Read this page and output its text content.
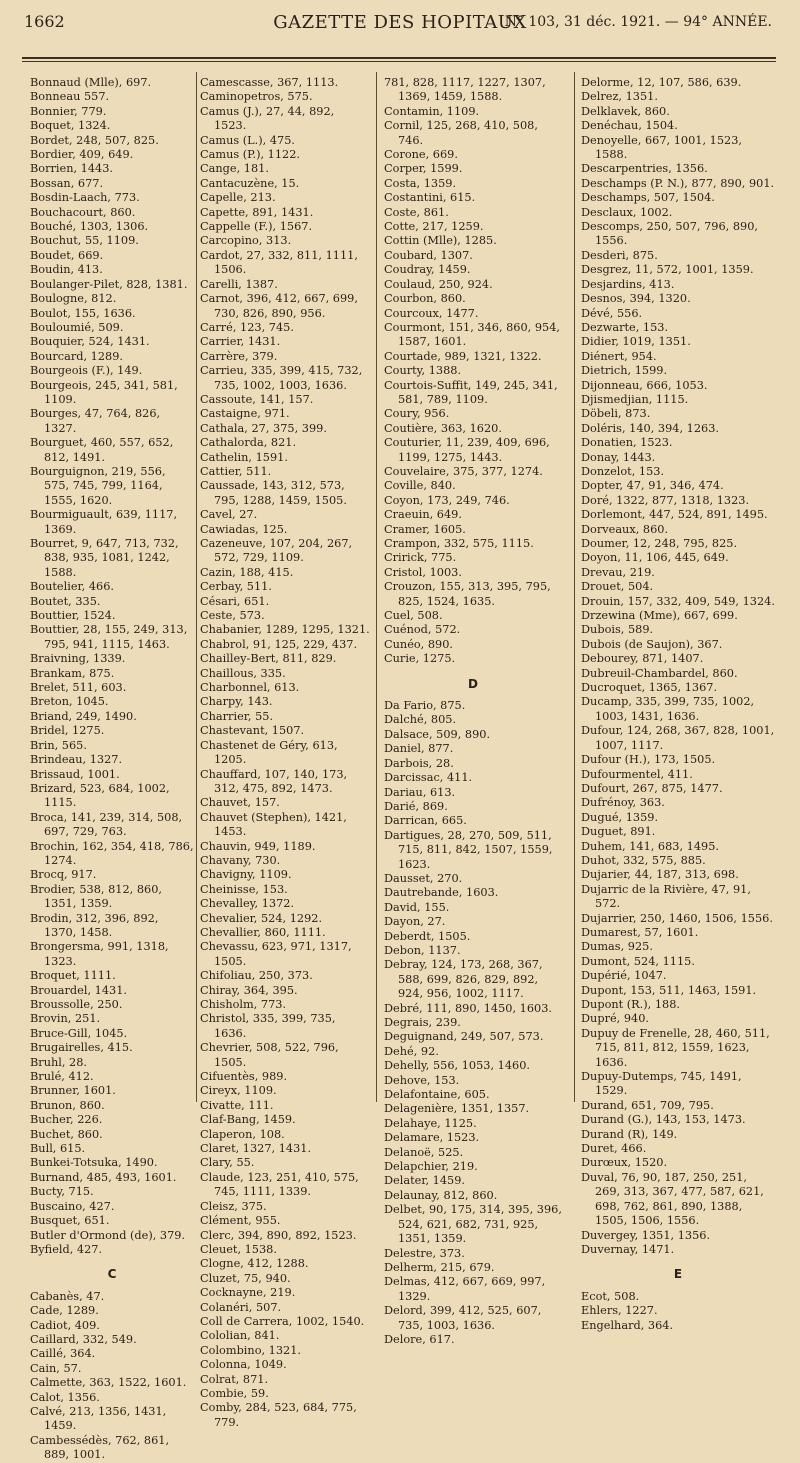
1662	GAZETTE DES HOPITAUX
N° 103, 31 déc. 1921. — 94° ANNÉE.

Bonnaud (Mlle), 697.

Bonneau 557.

Bonnier, 779.

Boquet, 1324.

Bordet, 248, 507, 825.

Bordier, 409, 649.

Borrien, 1443.

Bossan, 677.

Bosdin-Laach, 773.

Bouchacourt, 860.

Bouché, 1303, 1306.

Bouchut, 55, 1109.

Boudet, 669.

Boudin, 413.

Boulanger-Pilet, 828, 1381.

Boulogne, 812.

Boulot, 155, 1636.

Bouloumié, 509.

Bouquier, 524, 1431.

Bourcard, 1289.

Bourgeois (F.), 149.

Bourgeois, 245, 341, 581, 1109.

Bourges, 47, 764, 826, 1327.

Bourguet, 460, 557, 652, 812, 1491.

Bourguignon, 219, 556, 575, 745, 799, 1164, 1555, 1620.

Bourmiguault, 639, 1117, 1369.

Bourret, 9, 647, 713, 732, 838, 935, 1081, 1242, 1588.

Boutelier, 466.

Boutet, 335.

Bouttier, 1524.

Bouttier, 28, 155, 249, 313, 795, 941, 1115, 1463.

Braivning, 1339.

Brankam, 875.

Brelet, 511, 603.

Breton, 1045.

Briand, 249, 1490.

Bridel, 1275.

Brin, 565.

Brindeau, 1327.

Brissaud, 1001.

Brizard, 523, 684, 1002, 1115.

Broca, 141, 239, 314, 508, 697, 729, 763.

Brochin, 162, 354, 418, 786, 1274.

Brocq, 917.

Brodier, 538, 812, 860, 1351, 1359.

Brodin, 312, 396, 892, 1370, 1458.

Brongersma, 991, 1318, 1323.

Broquet, 1111.

Brouardel, 1431.

Broussolle, 250.

Brovin, 251.

Bruce-Gill, 1045.

Brugairelles, 415.

Bruhl, 28.

Brulé, 412.

Brunner, 1601.

Brunon, 860.

Bucher, 226.

Buchet, 860.

Bull, 615.

Bunkei-Totsuka, 1490.

Burnand, 485, 493, 1601.

Bucty, 715.

Buscaino, 427.

Busquet, 651.

Butler d'Ormond (de), 379.

Byfield, 427.

C

Cabanès, 47.

Cade, 1289.

Cadiot, 409.

Caillard, 332, 549.

Caillé, 364.

Cain, 57.

Calmette, 363, 1522, 1601.

Calot, 1356.

Calvé, 213, 1356, 1431, 1459.

Cambessédès, 762, 861, 889, 1001.

Camescasse, 367, 1113.

Caminopetros, 575.

Camus (J.), 27, 44, 892, 1523.

Camus (L.), 475.

Camus (P.), 1122.

Cange, 181.

Cantacuzène, 15.

Capelle, 213.

Capette, 891, 1431.

Cappelle (F.), 1567.

Carcopino, 313.

Cardot, 27, 332, 811, 1111, 1506.

Carelli, 1387.

Carnot, 396, 412, 667, 699, 730, 826, 890, 956.

Carré, 123, 745.

Carrier, 1431.

Carrère, 379.

Carrieu, 335, 399, 415, 732, 735, 1002, 1003, 1636.

Cassoute, 141, 157.

Castaigne, 971.

Cathala, 27, 375, 399.

Cathalorda, 821.

Cathelin, 1591.

Cattier, 511.

Caussade, 143, 312, 573, 795, 1288, 1459, 1505.

Cavel, 27.

Cawiadas, 125.

Cazeneuve, 107, 204, 267, 572, 729, 1109.

Cazin, 188, 415.

Cerbay, 511.

Césari, 651.

Ceste, 573.

Chabanier, 1289, 1295, 1321.

Chabrol, 91, 125, 229, 437.

Chailley-Bert, 811, 829.

Chaillous, 335.

Charbonnel, 613.

Charpy, 143.

Charrier, 55.

Chastevant, 1507.

Chastenet de Géry, 613, 1205.

Chauffard, 107, 140, 173, 312, 475, 892, 1473.

Chauvet, 157.

Chauvet (Stephen), 1421, 1453.

Chauvin, 949, 1189.

Chavany, 730.

Chavigny, 1109.

Cheinisse, 153.

Chevalley, 1372.

Chevalier, 524, 1292.

Chevallier, 860, 1111.

Chevassu, 623, 971, 1317, 1505.

Chifoliau, 250, 373.

Chiray, 364, 395.

Chisholm, 773.

Christol, 335, 399, 735, 1636.

Chevrier, 508, 522, 796, 1505.

Cifuentès, 989.

Cireyx, 1109.

Civatte, 111.

Claf-Bang, 1459.

Claperon, 108.

Claret, 1327, 1431.

Clary, 55.

Claude, 123, 251, 410, 575, 745, 1111, 1339.

Cleisz, 375.

Clément, 955.

Clerc, 394, 890, 892, 1523.

Cleuet, 1538.

Clogne, 412, 1288.

Cluzet, 75, 940.

Cocknayne, 219.

Colanéri, 507.

Coll de Carrera, 1002, 1540.

Cololian, 841.

Colombino, 1321.

Colonna, 1049.

Colrat, 871.

Combie, 59.

Comby, 284, 523, 684, 775, 779.

781, 828, 1117, 1227, 1307, 1369, 1459, 1588.

Contamin, 1109.

Cornil, 125, 268, 410, 508, 746.

Corone, 669.

Corper, 1599.

Costa, 1359.

Costantini, 615.

Coste, 861.

Cotte, 217, 1259.

Cottin (Mlle), 1285.

Coubard, 1307.

Coudray, 1459.

Coulaud, 250, 924.

Courbon, 860.

Courcoux, 1477.

Courmont, 151, 346, 860, 954, 1587, 1601.

Courtade, 989, 1321, 1322.

Courty, 1388.

Courtois-Suffit, 149, 245, 341, 581, 789, 1109.

Coury, 956.

Coutière, 363, 1620.

Couturier, 11, 239, 409, 696, 1199, 1275, 1443.

Couvelaire, 375, 377, 1274.

Coville, 840.

Coyon, 173, 249, 746.

Craeuin, 649.

Cramer, 1605.

Crampon, 332, 575, 1115.

Cririck, 775.

Cristol, 1003.

Crouzon, 155, 313, 395, 795, 825, 1524, 1635.

Cuel, 508.

Cuénod, 572.

Cunéo, 890.

Curie, 1275.

D

Da Fario, 875.

Dalché, 805.

Dalsace, 509, 890.

Daniel, 877.

Darbois, 28.

Darcissac, 411.

Dariau, 613.

Darié, 869.

Darrican, 665.

Dartigues, 28, 270, 509, 511, 715, 811, 842, 1507, 1559, 1623.

Dausset, 270.

Dautrebande, 1603.

David, 155.

Dayon, 27.

Deberdt, 1505.

Debon, 1137.

Debray, 124, 173, 268, 367, 588, 699, 826, 829, 892, 924, 956, 1002, 1117.

Debré, 111, 890, 1450, 1603.

Degrais, 239.

Deguignand, 249, 507, 573.

Dehé, 92.

Dehelly, 556, 1053, 1460.

Dehove, 153.

Delafontaine, 605.

Delagenière, 1351, 1357.

Delahaye, 1125.

Delamare, 1523.

Delanoë, 525.

Delapchier, 219.

Delater, 1459.

Delaunay, 812, 860.

Delbet, 90, 175, 314, 395, 396, 524, 621, 682, 731, 925, 1351, 1359.

Delestre, 373.

Delherm, 215, 679.

Delmas, 412, 667, 669, 997, 1329.

Delord, 399, 412, 525, 607, 735, 1003, 1636.

Delore, 617.

Delorme, 12, 107, 586, 639.

Delrez, 1351.

Delklavek, 860.

Denéchau, 1504.

Denoyelle, 667, 1001, 1523, 1588.

Descarpentries, 1356.

Deschamps (P. N.), 877, 890, 901.

Deschamps, 507, 1504.

Desclaux, 1002.

Descomps, 250, 507, 796, 890, 1556.

Desderi, 875.

Desgrez, 11, 572, 1001, 1359.

Desjardins, 413.

Desnos, 394, 1320.

Dévé, 556.

Dezwarte, 153.

Didier, 1019, 1351.

Diénert, 954.

Dietrich, 1599.

Dijonneau, 666, 1053.

Djismedjian, 1115.

Döbeli, 873.

Doléris, 140, 394, 1263.

Donatien, 1523.

Donay, 1443.

Donzelot, 153.

Dopter, 47, 91, 346, 474.

Doré, 1322, 877, 1318, 1323.

Dorlemont, 447, 524, 891, 1495.

Dorveaux, 860.

Doumer, 12, 248, 795, 825.

Doyon, 11, 106, 445, 649.

Drevau, 219.

Drouet, 504.

Drouin, 157, 332, 409, 549, 1324.

Drzewina (Mme), 667, 699.

Dubois, 589.

Dubois (de Saujon), 367.

Debourey, 871, 1407.

Dubreuil-Chambardel, 860.

Ducroquet, 1365, 1367.

Ducamp, 335, 399, 735, 1002, 1003, 1431, 1636.

Dufour, 124, 268, 367, 828, 1001, 1007, 1117.

Dufour (H.), 173, 1505.

Dufourmentel, 411.

Dufourt, 267, 875, 1477.

Dufrénoy, 363.

Dugué, 1359.

Duguet, 891.

Duhem, 141, 683, 1495.

Duhot, 332, 575, 885.

Dujarier, 44, 187, 313, 698.

Dujarric de la Rivière, 47, 91, 572.

Dujarrier, 250, 1460, 1506, 1556.

Dumarest, 57, 1601.

Dumas, 925.

Dumont, 524, 1115.

Dupérié, 1047.

Dupont, 153, 511, 1463, 1591.

Dupont (R.), 188.

Dupré, 940.

Dupuy de Frenelle, 28, 460, 511, 715, 811, 812, 1559, 1623, 1636.

Dupuy-Dutemps, 745, 1491, 1529.

Durand, 651, 709, 795.

Durand (G.), 143, 153, 1473.

Durand (R), 149.

Duret, 466.

Durœux, 1520.

Duval, 76, 90, 187, 250, 251, 269, 313, 367, 477, 587, 621, 698, 762, 861, 890, 1388, 1505, 1506, 1556.

Duvergey, 1351, 1356.

Duvernay, 1471.

E

Ecot, 508.

Ehlers, 1227.

Engelhard, 364.
